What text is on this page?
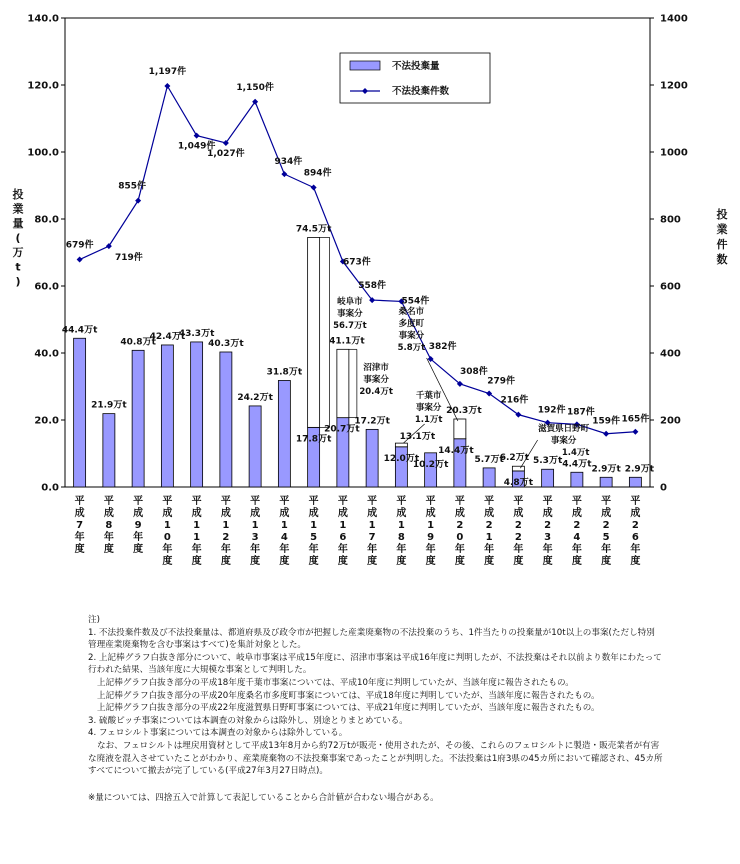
0.0
20.0
40.0
60.0
80.0
100.0
120.0
140.0
0
200
400
600
800
1000
1200
1400
投
業
量
(
万
t
)
投
業
件
数
平
成
7
年
度
平
成
8
年
度
平
成
9
年
度
平
成
1
0
年
度
平
成
1
1
年
度
平
成
1
2
年
度
平
成
1
3
年
度
平
成
1
4
年
度
平
成
1
5
年
度
平
成
1
6
年
度
平
成
1
7
年
度
平
成
1
8
年
度
平
成
1
9
年
度
平
成
2
0
年
度
平
成
2
1
年
度
平
成
2
2
年
度
平
成
2
3
年
度
平
成
2
4
年
度
平
成
2
5
年
度
平
成
2
6
年
度
679件
719件
855件
1,197件
1,049件
1,027件
1,150件
934件
894件
673件
558件
554件
382件
308件
279件
216件
192件 187件
159件 165件
44.4万t
21.9万t
40.8万t
42.4万t
43.3万t
40.3万t
24.2万t
31.8万t
17.8万t
20.7万t
17.2万t
12.0万t
10.2万t
14.4万t
5.7万t
4.8万t
5.3万t 4.4万t
2.9万t 2.9万t
74.5万t
41.1万t
13.1万t
20.3万t
6.2万t
岐阜市
事案分
56.7万t
沼津市
事案分
20.4万t
桑名市
多度町
事案分
5.8万t
千葉市
事案分
1.1万t
滋賀県日野町
事案分
1.4万t
不法投棄量
不法投棄件数

注)

1. 不法投棄件数及び不法投棄量は、都道府県及び政令市が把握した産業廃棄物の不法投棄のうち、1件当たりの投棄量が10t以上の事案(ただし特別管理産業廃棄物を含む事案はすべて)を集計対象とした。

2. 上記棒グラフ白抜き部分について、岐阜市事案は平成15年度に、沼津市事案は平成16年度に判明したが、不法投棄はそれ以前より数年にわたって行われた結果、当該年度に大規模な事案として判明した。

上記棒グラフ白抜き部分の平成18年度千葉市事案については、平成10年度に判明していたが、当該年度に報告されたもの。

上記棒グラフ白抜き部分の平成20年度桑名市多度町事案については、平成18年度に判明していたが、当該年度に報告されたもの。

上記棒グラフ白抜き部分の平成22年度滋賀県日野町事案については、平成21年度に判明していたが、当該年度に報告されたもの。

3. 硫酸ピッチ事案については本調査の対象からは除外し、別途とりまとめている。

4. フェロシルト事案については本調査の対象からは除外している。

なお、フェロシルトは埋戻用資材として平成13年8月から約72万tが販売・使用されたが、その後、これらのフェロシルトに製造・販売業者が有害な廃液を混入させていたことがわかり、産業廃棄物の不法投棄事案であったことが判明した。不法投棄は1府3県の45カ所において確認され、45カ所すべてについて撤去が完了している(平成27年3月27日時点)。

※量については、四捨五入で計算して表記していることから合計値が合わない場合がある。
